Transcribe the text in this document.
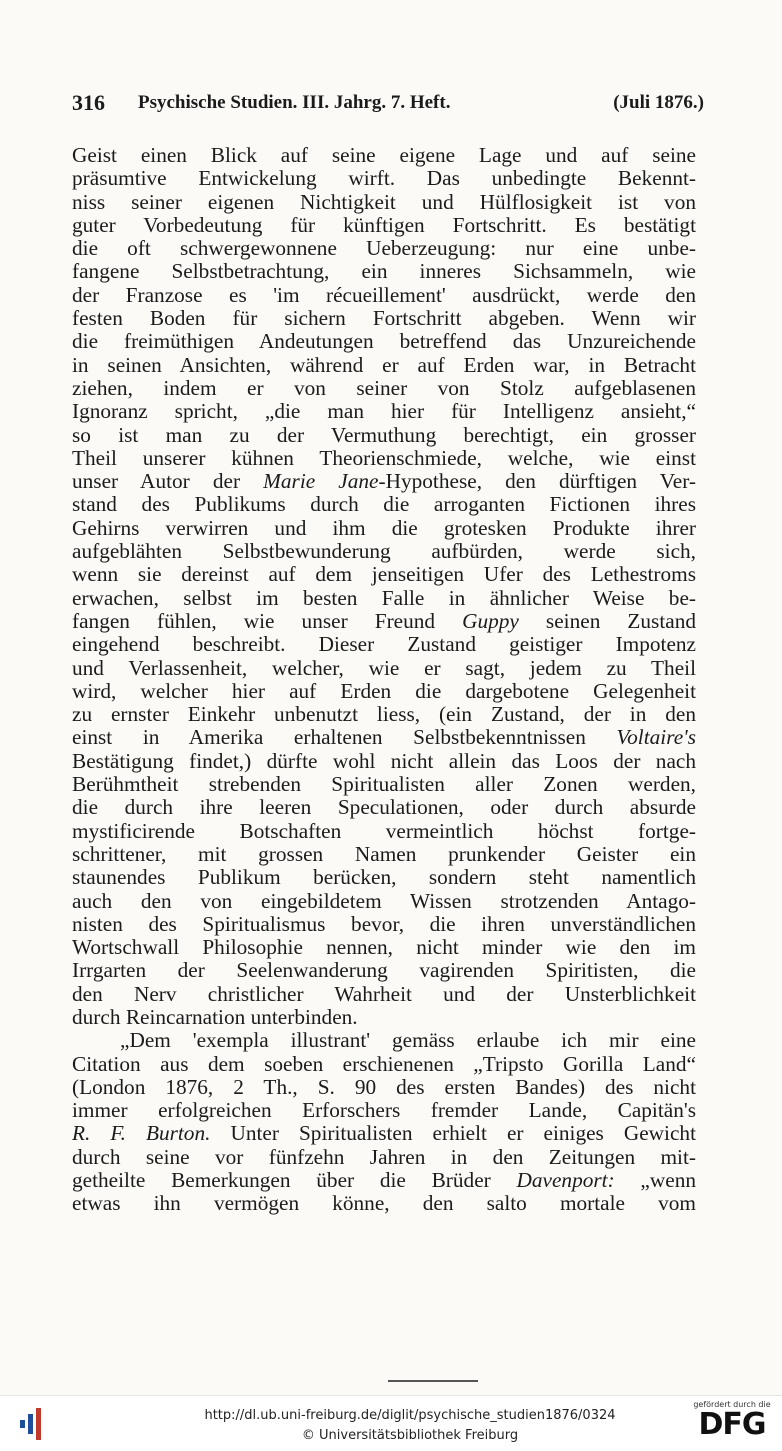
316 Psychische Studien. III. Jahrg. 7. Heft.	(Juli 1876.)
Geist einen Blick auf seine eigene Lage und auf seine
präsumtive Entwickelung wirft. Das unbedingte Bekennt-
niss seiner eigenen Nichtigkeit und Hülflosigkeit ist von
guter Vorbedeutung für künftigen Fortschritt. Es bestätigt
die oft schwergewonnene Ueberzeugung: nur eine unbe-
fangene Selbstbetrachtung, ein inneres Sichsammeln, wie
der Franzose es 'im récueillement' ausdrückt, werde den
festen Boden für sichern Fortschritt abgeben. Wenn wir
die freimüthigen Andeutungen betreffend das Unzureichende
in seinen Ansichten, während er auf Erden war, in Betracht
ziehen, indem er von seiner von Stolz aufgeblasenen
Ignoranz spricht, „die man hier für Intelligenz ansieht,“
so ist man zu der Vermuthung berechtigt, ein grosser
Theil unserer kühnen Theorienschmiede, welche, wie einst
unser Autor der Marie Jane-Hypothese, den dürftigen Ver-
stand des Publikums durch die arroganten Fictionen ihres
Gehirns verwirren und ihm die grotesken Produkte ihrer
aufgeblähten Selbstbewunderung aufbürden, werde sich,
wenn sie dereinst auf dem jenseitigen Ufer des Lethestroms
erwachen, selbst im besten Falle in ähnlicher Weise be-
fangen fühlen, wie unser Freund Guppy seinen Zustand
eingehend beschreibt. Dieser Zustand geistiger Impotenz
und Verlassenheit, welcher, wie er sagt, jedem zu Theil
wird, welcher hier auf Erden die dargebotene Gelegenheit
zu ernster Einkehr unbenutzt liess, (ein Zustand, der in den
einst in Amerika erhaltenen Selbstbekenntnissen Voltaire's
Bestätigung findet,) dürfte wohl nicht allein das Loos der nach
Berühmtheit strebenden Spiritualisten aller Zonen werden,
die durch ihre leeren Speculationen, oder durch absurde
mystificirende Botschaften vermeintlich höchst fortge-
schrittener, mit grossen Namen prunkender Geister ein
staunendes Publikum berücken, sondern steht namentlich
auch den von eingebildetem Wissen strotzenden Antago-
nisten des Spiritualismus bevor, die ihren unverständlichen
Wortschwall Philosophie nennen, nicht minder wie den im
Irrgarten der Seelenwanderung vagirenden Spiritisten, die
den Nerv christlicher Wahrheit und der Unsterblichkeit
durch Reincarnation unterbinden.
„Dem 'exempla illustrant' gemäss erlaube ich mir eine
Citation aus dem soeben erschienenen „Tripsto Gorilla Land“
(London 1876, 2 Th., S. 90 des ersten Bandes) des nicht
immer erfolgreichen Erforschers fremder Lande, Capitän's
R. F. Burton. Unter Spiritualisten erhielt er einiges Gewicht
durch seine vor fünfzehn Jahren in den Zeitungen mit-
getheilte Bemerkungen über die Brüder Davenport: „wenn
etwas ihn vermögen könne, den salto mortale vom
http://dl.ub.uni-freiburg.de/diglit/psychische_studien1876/0324
© Universitätsbibliothek Freiburg
gefördert durch die
DFG
